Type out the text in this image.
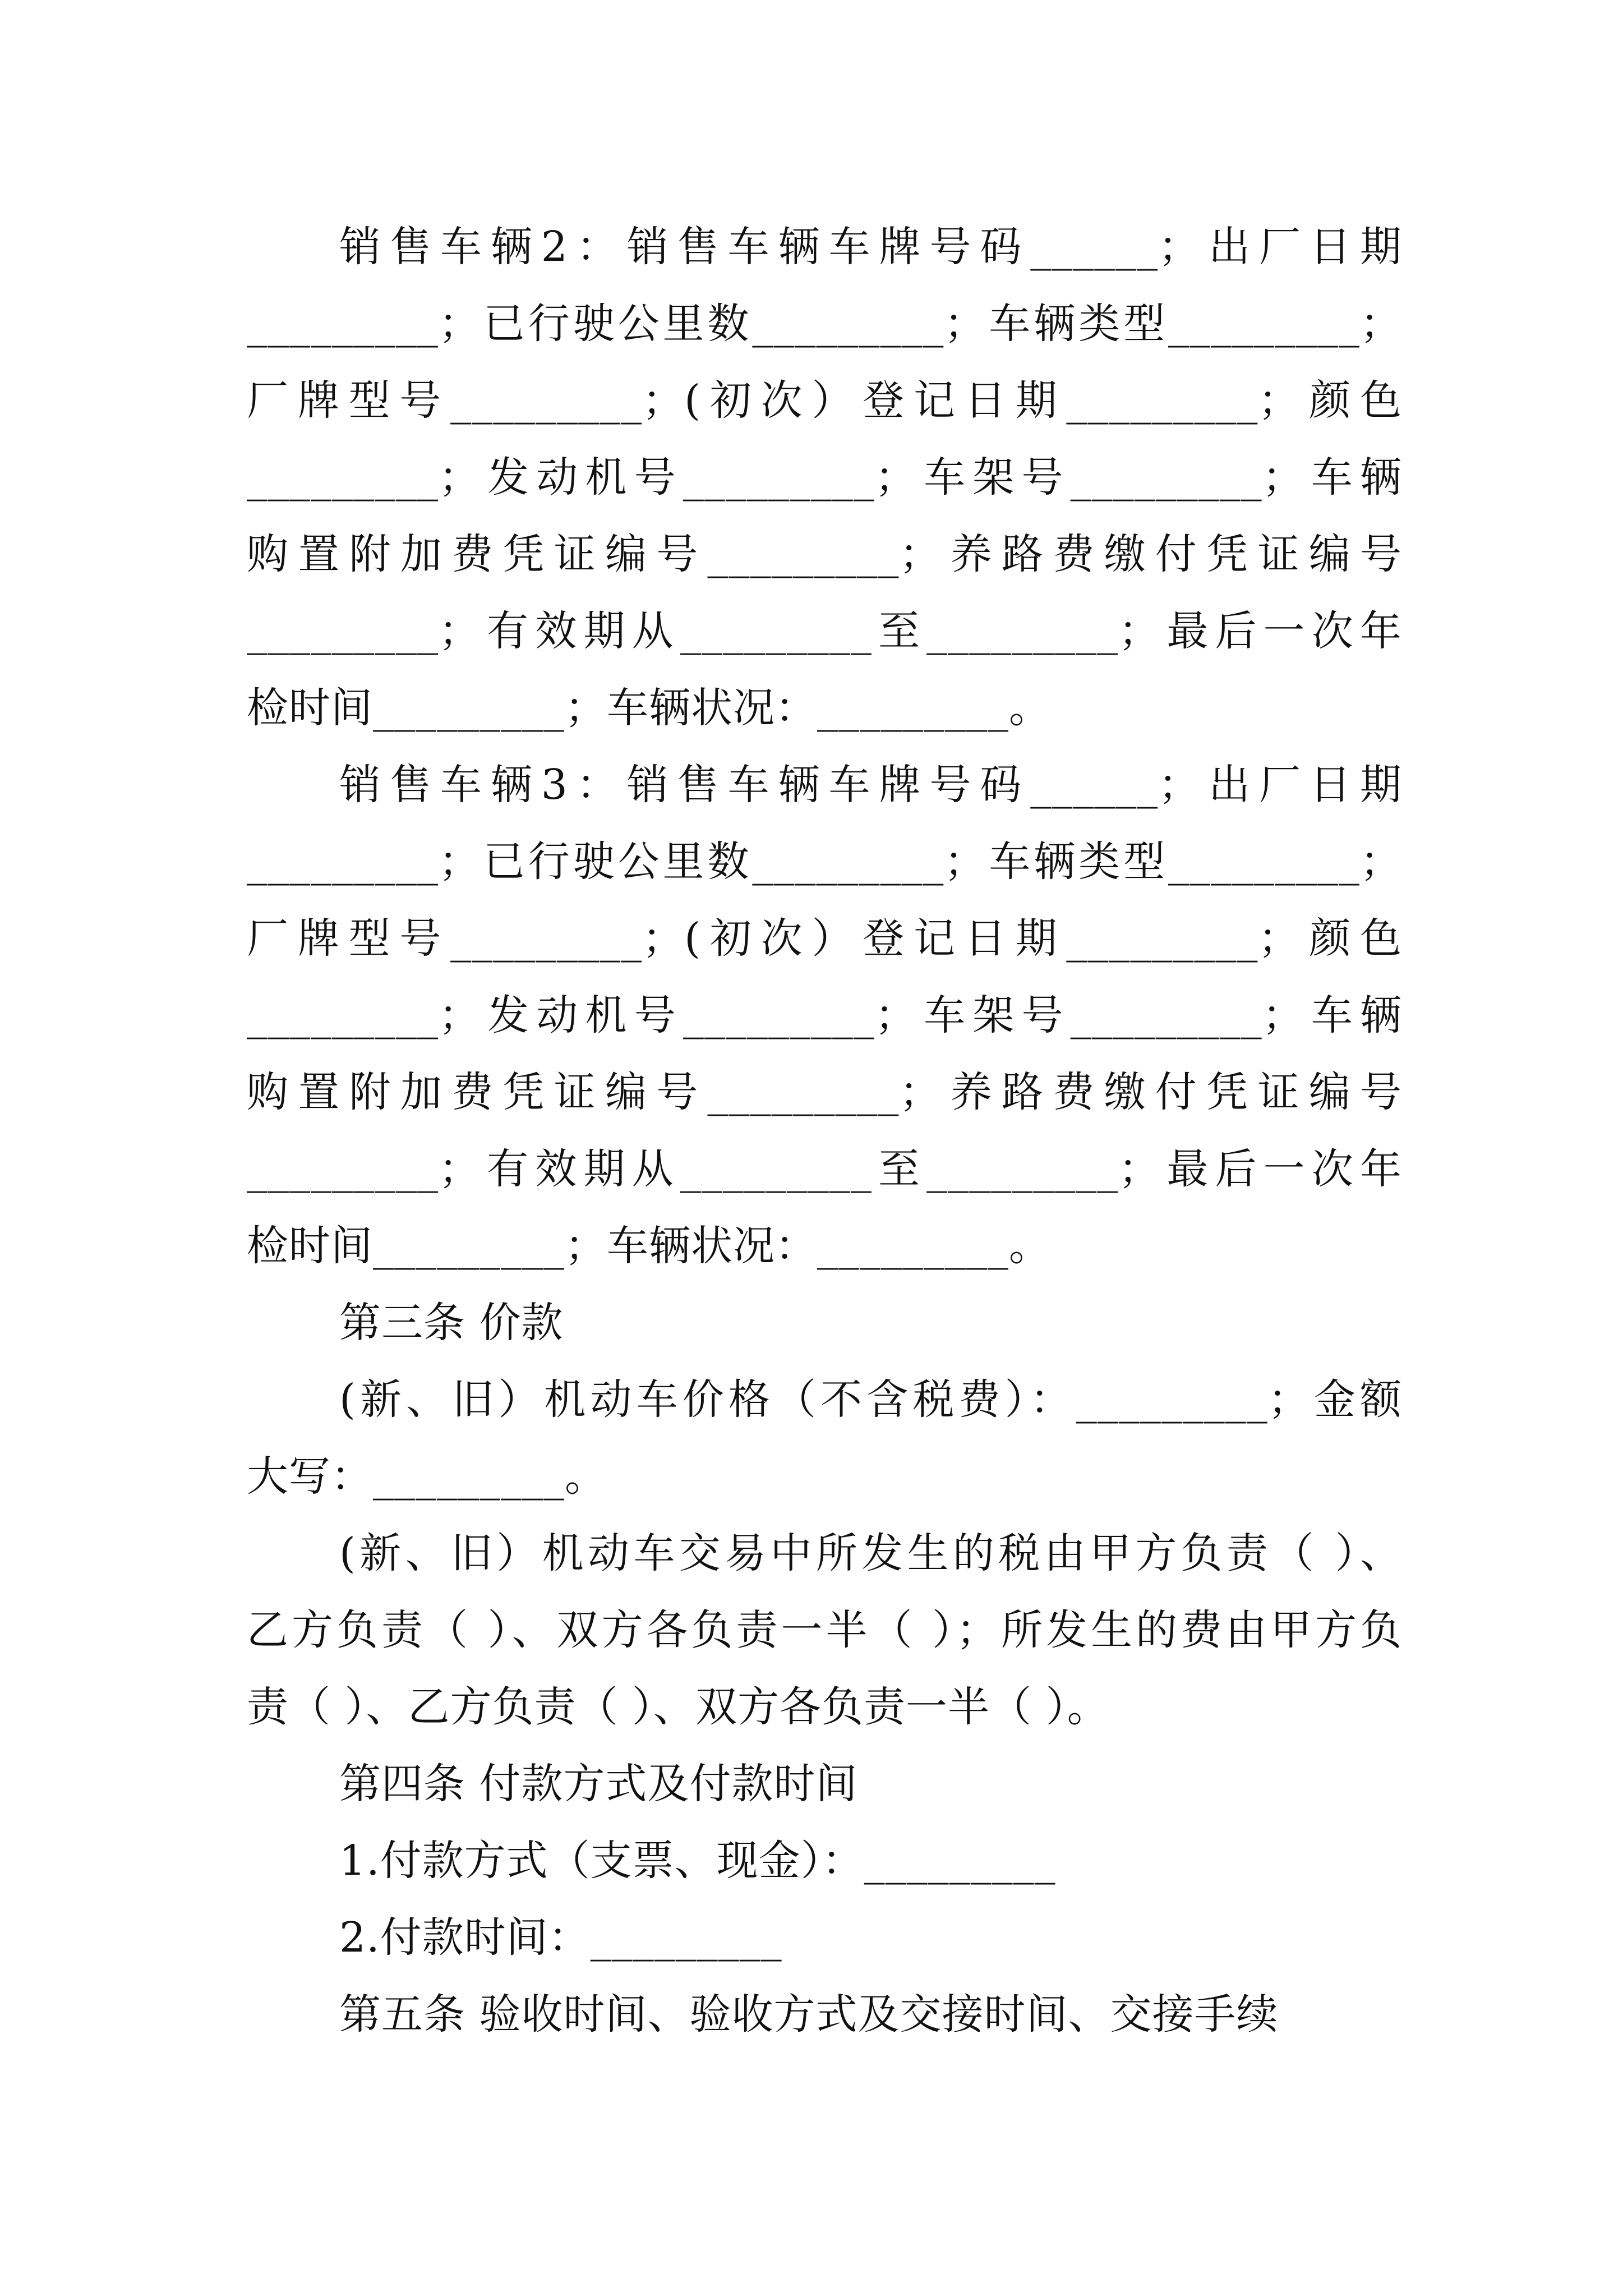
销售车辆2：销售车辆车牌号码______；出厂日期
_________；已行驶公里数_________；车辆类型_________；
厂牌型号_________；(初次）登记日期_________；颜色
_________；发动机号_________；车架号_________；车辆
购置附加费凭证编号_________；养路费缴付凭证编号
_________；有效期从_________至_________；最后一次年
检时间_________；车辆状况：_________。
销售车辆3：销售车辆车牌号码______；出厂日期
_________；已行驶公里数_________；车辆类型_________；
厂牌型号_________；(初次）登记日期_________；颜色
_________；发动机号_________；车架号_________；车辆
购置附加费凭证编号_________；养路费缴付凭证编号
_________；有效期从_________至_________；最后一次年
检时间_________；车辆状况：_________。
第三条 价款
(新、旧）机动车价格（不含税费）：_________；金额
大写：_________。
(新、旧）机动车交易中所发生的税由甲方负责（ ）、
乙方负责（ ）、双方各负责一半（ ）；所发生的费由甲方负
责（ ）、乙方负责（ ）、双方各负责一半（ ）。
第四条 付款方式及付款时间
1.付款方式（支票、现金）：_________
2.付款时间：_________
第五条 验收时间、验收方式及交接时间、交接手续
